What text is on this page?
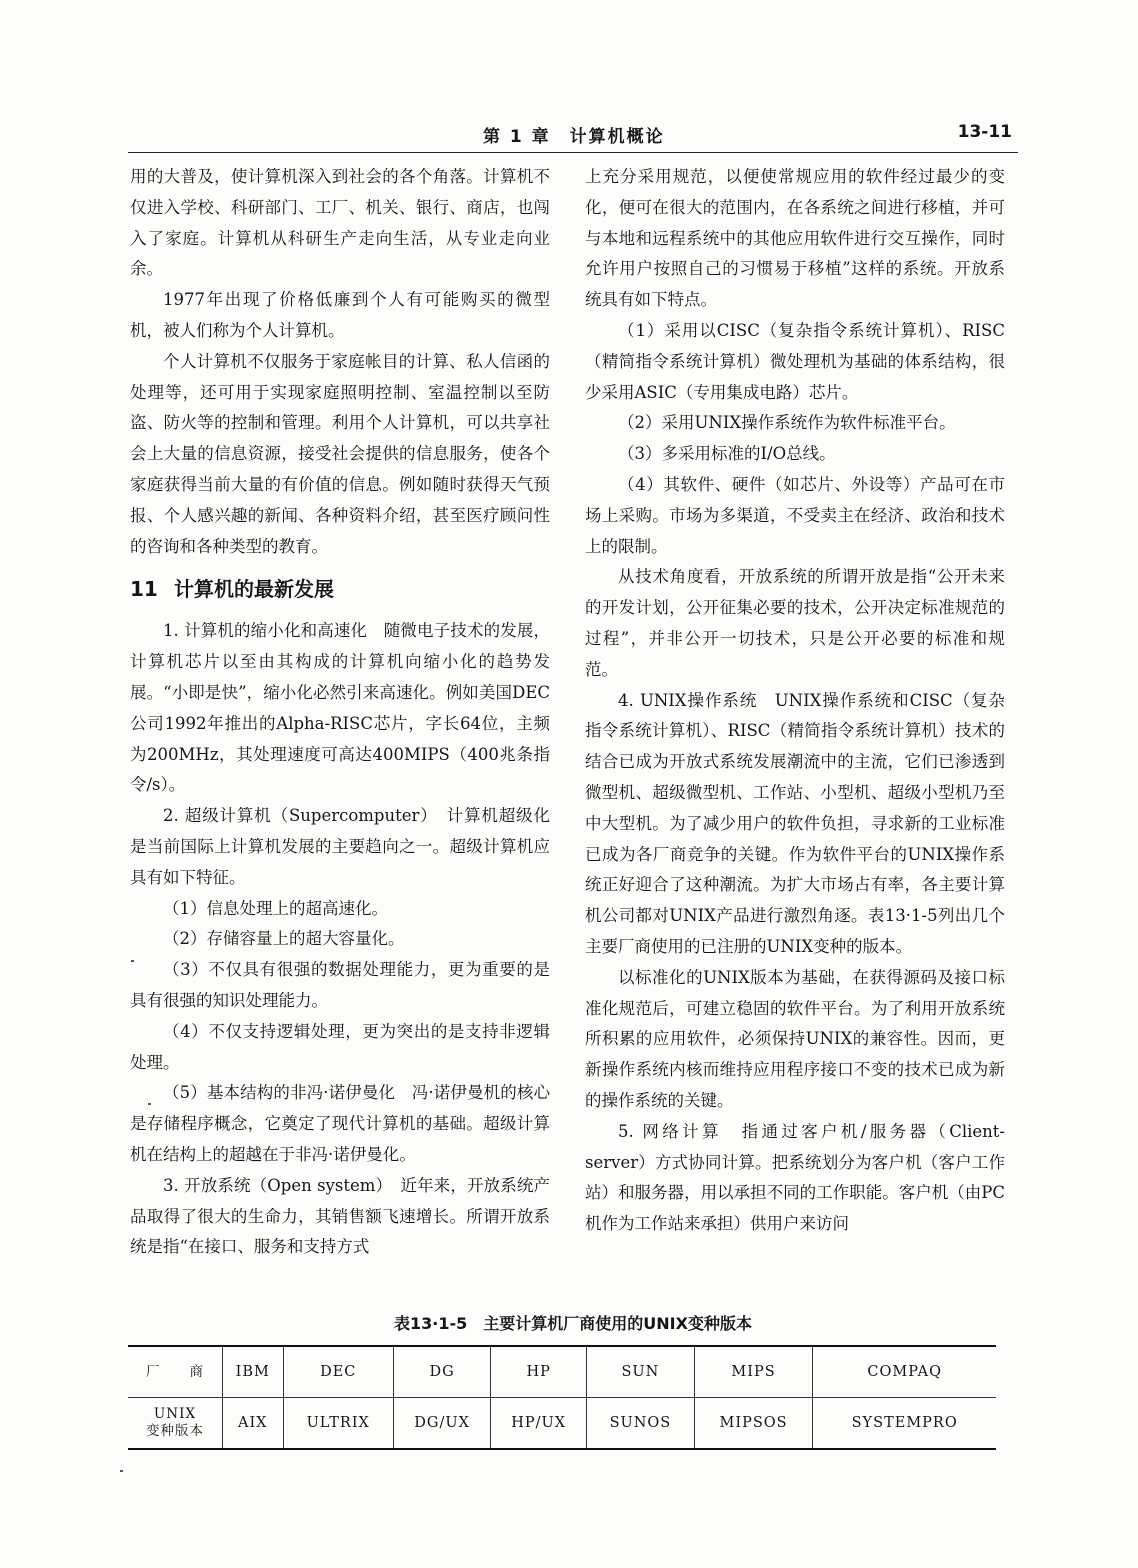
第 1 章　计算机概论	13-11

用的大普及，使计算机深入到社会的各个角落。计算机不仅进入学校、科研部门、工厂、机关、银行、商店，也闯入了家庭。计算机从科研生产走向生活，从专业走向业余。

1977年出现了价格低廉到个人有可能购买的微型机，被人们称为个人计算机。

个人计算机不仅服务于家庭帐目的计算、私人信函的处理等，还可用于实现家庭照明控制、室温控制以至防盗、防火等的控制和管理。利用个人计算机，可以共享社会上大量的信息资源，接受社会提供的信息服务，使各个家庭获得当前大量的有价值的信息。例如随时获得天气预报、个人感兴趣的新闻、各种资料介绍，甚至医疗顾问性的咨询和各种类型的教育。

11 计算机的最新发展

1. 计算机的缩小化和高速化　随微电子技术的发展，计算机芯片以至由其构成的计算机向缩小化的趋势发展。“小即是快”，缩小化必然引来高速化。例如美国DEC公司1992年推出的Alpha-RISC芯片，字长64位，主频为200MHz，其处理速度可高达400MIPS（400兆条指令/s）。

2. 超级计算机（Supercomputer）　计算机超级化是当前国际上计算机发展的主要趋向之一。超级计算机应具有如下特征。

（1）信息处理上的超高速化。

（2）存储容量上的超大容量化。

（3）不仅具有很强的数据处理能力，更为重要的是具有很强的知识处理能力。

（4）不仅支持逻辑处理，更为突出的是支持非逻辑处理。

（5）基本结构的非冯·诺伊曼化　冯·诺伊曼机的核心是存储程序概念，它奠定了现代计算机的基础。超级计算机在结构上的超越在于非冯·诺伊曼化。

3. 开放系统（Open system）　近年来，开放系统产品取得了很大的生命力，其销售额飞速增长。所谓开放系统是指“在接口、服务和支持方式

上充分采用规范，以便使常规应用的软件经过最少的变化，便可在很大的范围内，在各系统之间进行移植，并可与本地和远程系统中的其他应用软件进行交互操作，同时允许用户按照自己的习惯易于移植”这样的系统。开放系统具有如下特点。

（1）采用以CISC（复杂指令系统计算机）、RISC（精简指令系统计算机）微处理机为基础的体系结构，很少采用ASIC（专用集成电路）芯片。

（2）采用UNIX操作系统作为软件标准平台。

（3）多采用标准的I/O总线。

（4）其软件、硬件（如芯片、外设等）产品可在市场上采购。市场为多渠道，不受卖主在经济、政治和技术上的限制。

从技术角度看，开放系统的所谓开放是指“公开未来的开发计划，公开征集必要的技术，公开决定标准规范的过程”，并非公开一切技术，只是公开必要的标准和规范。

4. UNIX操作系统　UNIX操作系统和CISC（复杂指令系统计算机）、RISC（精简指令系统计算机）技术的结合已成为开放式系统发展潮流中的主流，它们已渗透到微型机、超级微型机、工作站、小型机、超级小型机乃至中大型机。为了减少用户的软件负担，寻求新的工业标准已成为各厂商竞争的关键。作为软件平台的UNIX操作系统正好迎合了这种潮流。为扩大市场占有率，各主要计算机公司都对UNIX产品进行激烈角逐。表13·1-5列出几个主要厂商使用的已注册的UNIX变种的版本。

以标准化的UNIX版本为基础，在获得源码及接口标准化规范后，可建立稳固的软件平台。为了利用开放系统所积累的应用软件，必须保持UNIX的兼容性。因而，更新操作系统内核而维持应用程序接口不变的技术已成为新的操作系统的关键。

5. 网络计算　指通过客户机/服务器（Client-server）方式协同计算。把系统划分为客户机（客户工作站）和服务器，用以承担不同的工作职能。客户机（由PC机作为工作站来承担）供用户来访问

表13·1-5　主要计算机厂商使用的UNIX变种版本
厂　　商	IBM	DEC	DG	HP	SUN	MIPS	COMPAQ
UNIX
变种版本	AIX	ULTRIX	DG/UX	HP/UX	SUNOS	MIPSOS	SYSTEMPRO
